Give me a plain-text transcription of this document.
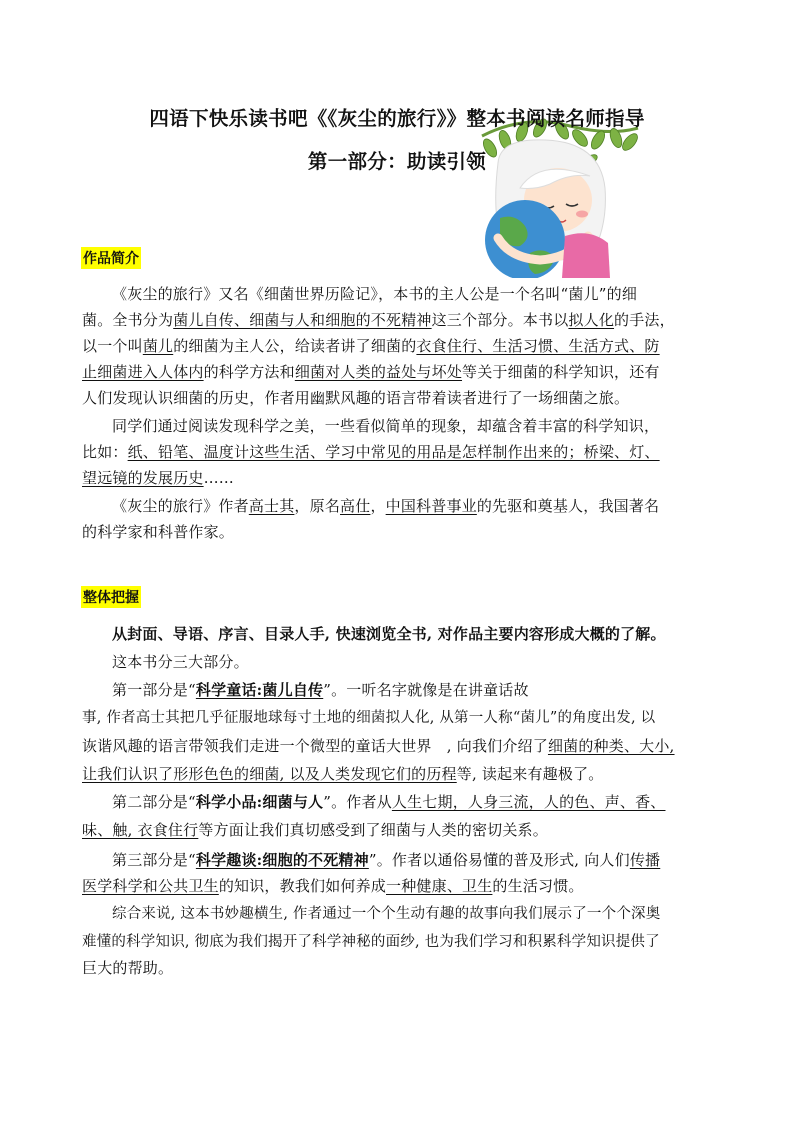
四语下快乐读书吧《《灰尘的旅行》》整本书阅读名师指导
第一部分：助读引领
作品简介
《灰尘的旅行》又名《细菌世界历险记》，本书的主人公是一个名叫“菌儿”的细
菌。全书分为菌儿自传、细菌与人和细胞的不死精神这三个部分。本书以拟人化的手法，
以一个叫菌儿的细菌为主人公，给读者讲了细菌的衣食住行、生活习惯、生活方式、防
止细菌进入人体内的科学方法和细菌对人类的益处与坏处等关于细菌的科学知识，还有
人们发现认识细菌的历史，作者用幽默风趣的语言带着读者进行了一场细菌之旅。
同学们通过阅读发现科学之美，一些看似简单的现象，却蕴含着丰富的科学知识，
比如：纸、铅笔、温度计这些生活、学习中常见的用品是怎样制作出来的；桥梁、灯、
望远镜的发展历史……
《灰尘的旅行》作者高士其，原名高仕，中国科普事业的先驱和奠基人，我国著名
的科学家和科普作家。
整体把握
从封面、导语、序言、目录人手, 快速浏览全书, 对作品主要内容形成大概的了解。
这本书分三大部分。
第一部分是“科学童话:菌儿自传”。一听名字就像是在讲童话故
事, 作者高士其把几乎征服地球每寸土地的细菌拟人化, 从第一人称“菌儿”的角度出发, 以
诙谐风趣的语言带领我们走进一个微型的童话大世界　, 向我们介绍了细菌的种类、大小,
让我们认识了形形色色的细菌, 以及人类发现它们的历程等, 读起来有趣极了。
第二部分是“科学小品:细菌与人”。作者从人生七期，人身三流，人的色、声、香、
味、触, 衣食住行等方面让我们真切感受到了细菌与人类的密切关系。
第三部分是“科学趣谈:细胞的不死精神”。作者以通俗易懂的普及形式, 向人们传播
医学科学和公共卫生的知识，教我们如何养成一种健康、卫生的生活习惯。
综合来说, 这本书妙趣横生, 作者通过一个个生动有趣的故事向我们展示了一个个深奥
难懂的科学知识, 彻底为我们揭开了科学神秘的面纱, 也为我们学习和积累科学知识提供了
巨大的帮助。
